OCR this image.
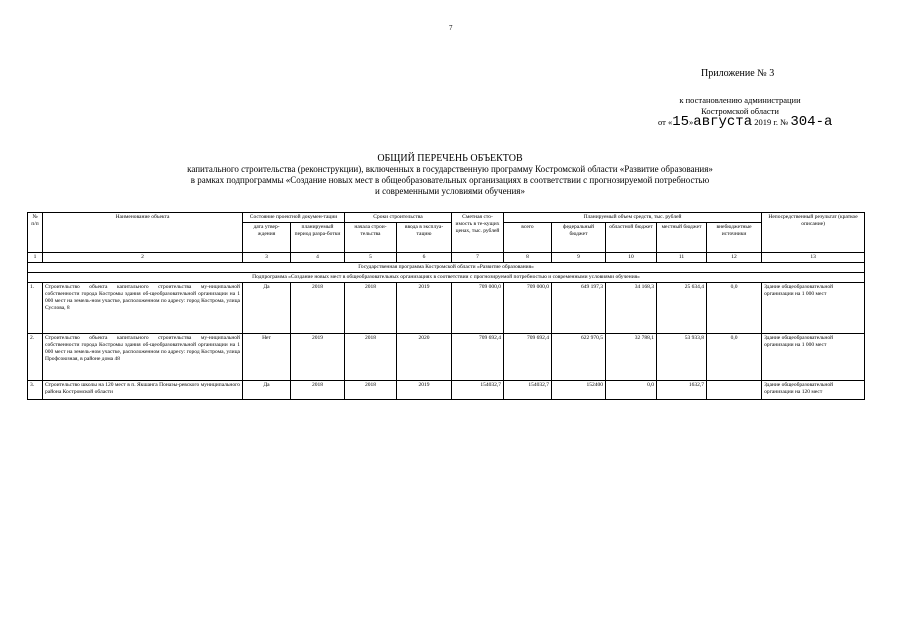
7
Приложение № 3
к постановлению администрации
Костромской области
от «15»августа 2019 г. № 304-а
ОБЩИЙ ПЕРЕЧЕНЬ ОБЪЕКТОВ
капитального строительства (реконструкции), включенных в государственную программу Костромской области «Развитие образования»
в рамках подпрограммы «Создание новых мест в общеобразовательных организациях в соответствии с прогнозируемой потребностью
и современными условиями обучения»
№ п/п	Наименование объекта	Состояние проектной докумен-тации		Сроки строительства		Сметная сто-имость в те-кущих ценах, тыс. рублей	Планируемый объем средств, тыс. рублей					Непосредственный результат (краткое описание)
		дата утвер-ждения	планируемый период разра-ботки	начала строи-тельства	ввода в эксплуа-тацию		всего	федеральный бюджет	областной бюджет	местный бюджет	внебюджетные источники	
1	2	3	4	5	6	7	8	9	10	11	12	13
Государственная программа Костромской области «Развитие образования»												
Подпрограмма «Создание новых мест в общеобразовательных организациях в соответствии с прогнозируемой потребностью и современными условиями обучения»												
1.	Строительство объекта капитального строительства му-ниципальной собственности города Костромы здания об-щеобразовательной организации на 1 000 мест на земель-ном участке, расположенном по адресу: город Кострома, улица Суслова, 8	Да	2018	2018	2019	709 000,0	709 000,0	649 197,3	34 168,3	25 634,4	0,0	Здание общеобразовательной организации на 1 000 мест
2.	Строительство объекта капитального строительства му-ниципальной собственности города Костромы здания об-щеобразовательной организации на 1 000 мест на земель-ном участке, расположенном по адресу: город Кострома, улица Профсоюзная, в районе дома 48	Нет	2019	2018	2020	709 692,4	709 692,4	622 970,5	32 788,1	53 933,8	0,0	Здание общеобразовательной организации на 1 000 мест
3.	Строительство школы на 120 мест в п. Якшанга Понаэы-ревского муниципального района Костромской области	Да	2018	2018	2019	154032,7	154032,7	152400	0,0	1632,7		Здание общеобразовательной организации на 120 мест
